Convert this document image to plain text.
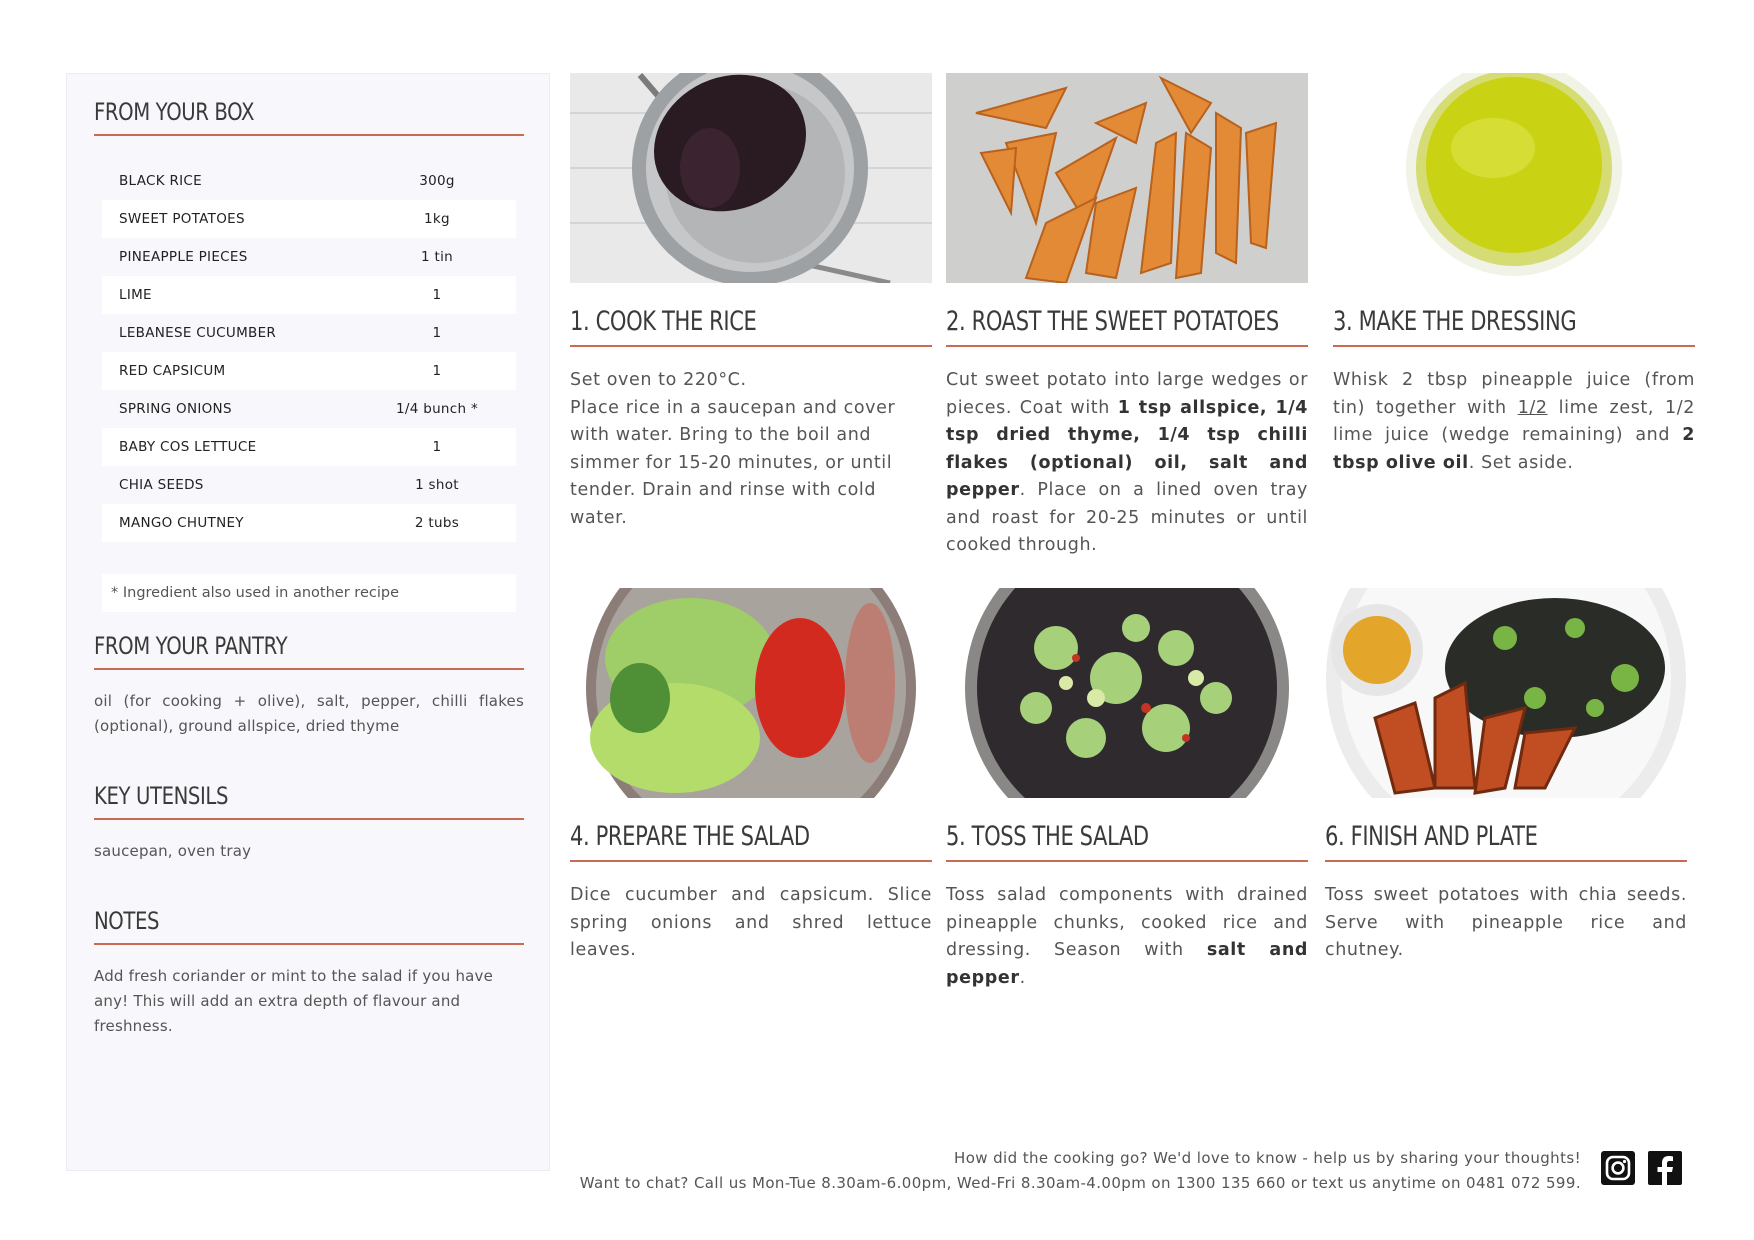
FROM YOUR BOX
BLACK RICE	300g
SWEET POTATOES	1kg
PINEAPPLE PIECES	1 tin
LIME	1
LEBANESE CUCUMBER	1
RED CAPSICUM	1
SPRING ONIONS	1/4 bunch *
BABY COS LETTUCE	1
CHIA SEEDS	1 shot
MANGO CHUTNEY	2 tubs
* Ingredient also used in another recipe
FROM YOUR PANTRY
oil (for cooking + olive), salt, pepper, chilli flakes (optional), ground allspice, dried thyme
KEY UTENSILS
saucepan, oven tray
NOTES
Add fresh coriander or mint to the salad if you have any! This will add an extra depth of flavour and freshness.
1. COOK THE RICE
Set oven to 220°C.
Place rice in a saucepan and cover with water. Bring to the boil and simmer for 15-20 minutes, or until tender. Drain and rinse with cold water.
2. ROAST THE SWEET POTATOES
Cut sweet potato into large wedges or pieces. Coat with 1 tsp allspice, 1/4 tsp dried thyme, 1/4 tsp chilli flakes (optional) oil, salt and pepper. Place on a lined oven tray and roast for 20-25 minutes or until cooked through.
3. MAKE THE DRESSING
Whisk 2 tbsp pineapple juice (from tin) together with 1/2 lime zest, 1/2 lime juice (wedge remaining) and 2 tbsp olive oil. Set aside.
4. PREPARE THE SALAD
Dice cucumber and capsicum. Slice spring onions and shred lettuce leaves.
5. TOSS THE SALAD
Toss salad components with drained pineapple chunks, cooked rice and dressing. Season with salt and pepper.
6. FINISH AND PLATE
Toss sweet potatoes with chia seeds. Serve with pineapple rice and chutney.
How did the cooking go? We'd love to know - help us by sharing your thoughts!
Want to chat? Call us Mon-Tue 8.30am-6.00pm, Wed-Fri 8.30am-4.00pm on 1300 135 660 or text us anytime on 0481 072 599.
